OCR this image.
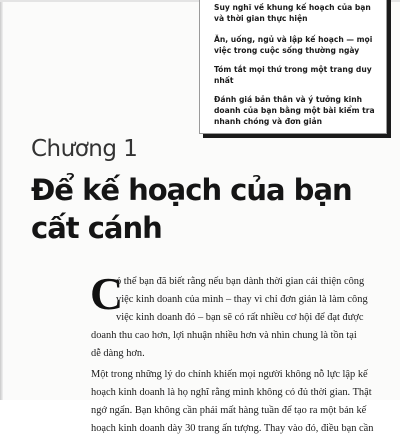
Suy nghĩ về khung kế hoạch của bạn và thời gian thực hiện
Ăn, uống, ngủ và lập kế hoạch — mọi việc trong cuộc sống thường ngày
Tóm tắt mọi thứ trong một trang duy nhất
Đánh giá bản thân và ý tưởng kinh doanh của bạn bằng một bài kiểm tra nhanh chóng và đơn giản
Chương 1
Để kế hoạch của bạn
cất cánh
C
ó thể bạn đã biết rằng nếu bạn dành thời gian cải thiện công
việc kinh doanh của mình – thay vì chỉ đơn giản là làm công
việc kinh doanh đó – bạn sẽ có rất nhiều cơ hội để đạt được
doanh thu cao hơn, lợi nhuận nhiều hơn và nhìn chung là tồn tại
dễ dàng hơn.
Một trong những lý do chính khiến mọi người không nỗ lực lập kế
hoạch kinh doanh là họ nghĩ rằng mình không có đủ thời gian. Thật
ngớ ngẩn. Bạn không cần phải mất hàng tuần để tạo ra một bản kế
hoạch kinh doanh dày 30 trang ấn tượng. Thay vào đó, điều bạn cần
